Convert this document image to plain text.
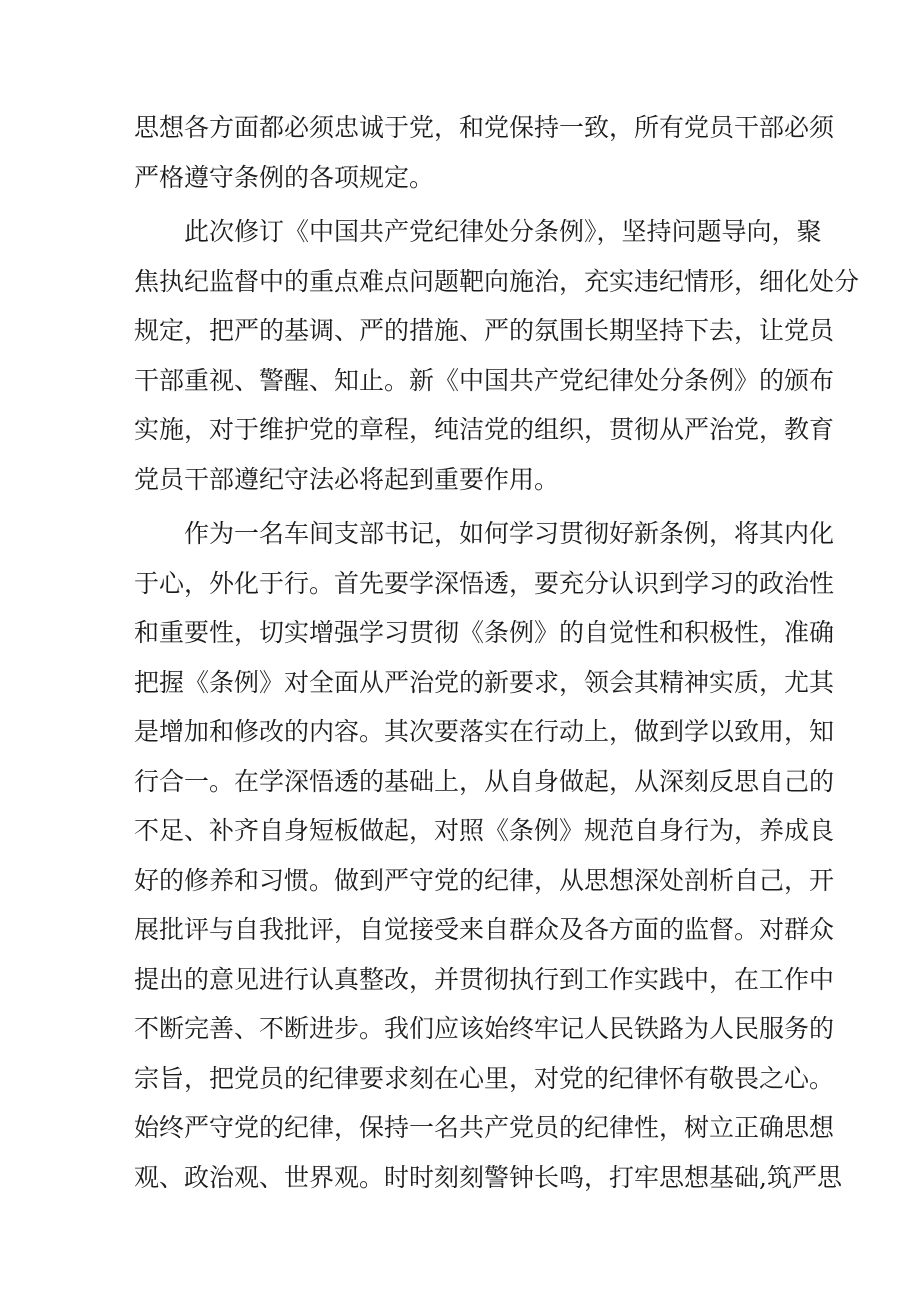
思想各方面都必须忠诚于党，和党保持一致，所有党员干部必须
严格遵守条例的各项规定。
此次修订《中国共产党纪律处分条例》，坚持问题导向，聚
焦执纪监督中的重点难点问题靶向施治，充实违纪情形，细化处分
规定，把严的基调、严的措施、严的氛围长期坚持下去，让党员
干部重视、警醒、知止。新《中国共产党纪律处分条例》的颁布
实施，对于维护党的章程，纯洁党的组织，贯彻从严治党，教育
党员干部遵纪守法必将起到重要作用。
作为一名车间支部书记，如何学习贯彻好新条例，将其内化
于心，外化于行。首先要学深悟透，要充分认识到学习的政治性
和重要性，切实增强学习贯彻《条例》的自觉性和积极性，准确
把握《条例》对全面从严治党的新要求，领会其精神实质，尤其
是增加和修改的内容。其次要落实在行动上，做到学以致用，知
行合一。在学深悟透的基础上，从自身做起，从深刻反思自己的
不足、补齐自身短板做起，对照《条例》规范自身行为，养成良
好的修养和习惯。做到严守党的纪律，从思想深处剖析自己，开
展批评与自我批评，自觉接受来自群众及各方面的监督。对群众
提出的意见进行认真整改，并贯彻执行到工作实践中，在工作中
不断完善、不断进步。我们应该始终牢记人民铁路为人民服务的
宗旨，把党员的纪律要求刻在心里，对党的纪律怀有敬畏之心。
始终严守党的纪律，保持一名共产党员的纪律性，树立正确思想
观、政治观、世界观。时时刻刻警钟长鸣，打牢思想基础,筑严思
